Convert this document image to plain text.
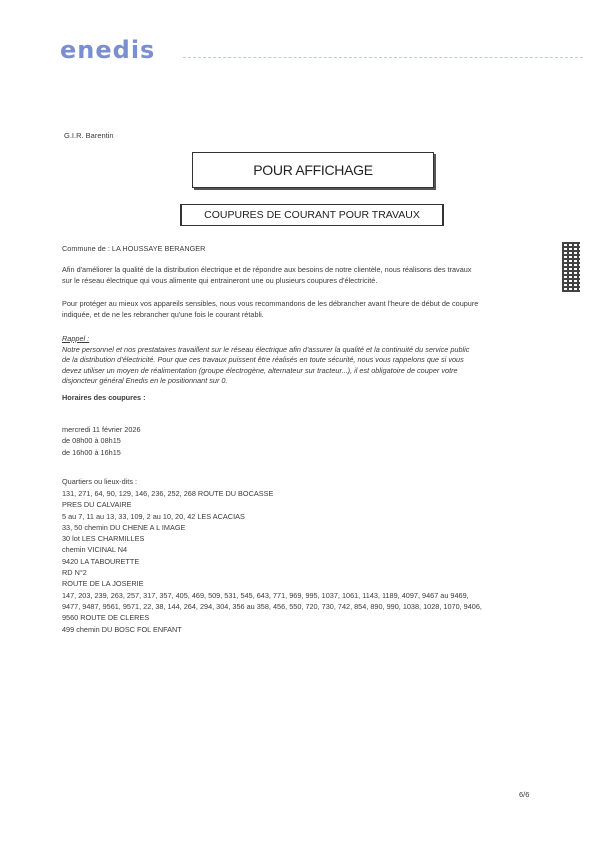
enedis
G.I.R. Barentin
POUR AFFICHAGE
COUPURES DE COURANT POUR TRAVAUX
Commune de : LA HOUSSAYE BERANGER
Afin d'améliorer la qualité de la distribution électrique et de répondre aux besoins de notre clientèle, nous réalisons des travaux
sur le réseau électrique qui vous alimente qui entraineront une ou plusieurs coupures d'électricité.
Pour protéger au mieux vos appareils sensibles, nous vous recommandons de les débrancher avant l'heure de début de coupure
indiquée, et de ne les rebrancher qu'une fois le courant rétabli.
Rappel :
Notre personnel et nos prestataires travaillent sur le réseau électrique afin d'assurer la qualité et la continuité du service public
de la distribution d'électricité. Pour que ces travaux puissent être réalisés en toute sécurité, nous vous rappelons que si vous
devez utiliser un moyen de réalimentation (groupe électrogène, alternateur sur tracteur...), il est obligatoire de couper votre
disjoncteur général Enedis en le positionnant sur 0.
Horaires des coupures :
mercredi 11 février 2026
de 08h00 à 08h15
de 16h00 à 16h15
Quartiers ou lieux-dits :
131, 271, 64, 90, 129, 146, 236, 252, 268 ROUTE DU BOCASSE
PRES DU CALVAIRE
5 au 7, 11 au 13, 33, 109, 2 au 10, 20, 42 LES ACACIAS
33, 50 chemin DU CHENE A L IMAGE
30 lot LES CHARMILLES
chemin VICINAL N4
9420 LA TABOURETTE
RD N°2
ROUTE DE LA JOSERIE
147, 203, 239, 263, 257, 317, 357, 405, 469, 509, 531, 545, 643, 771, 969, 995, 1037, 1061, 1143, 1189, 4097, 9467 au 9469,
9477, 9487, 9561, 9571, 22, 38, 144, 264, 294, 304, 356 au 358, 456, 550, 720, 730, 742, 854, 890, 990, 1038, 1028, 1070, 9406,
9560 ROUTE DE CLERES
499 chemin DU BOSC FOL ENFANT
6/6
